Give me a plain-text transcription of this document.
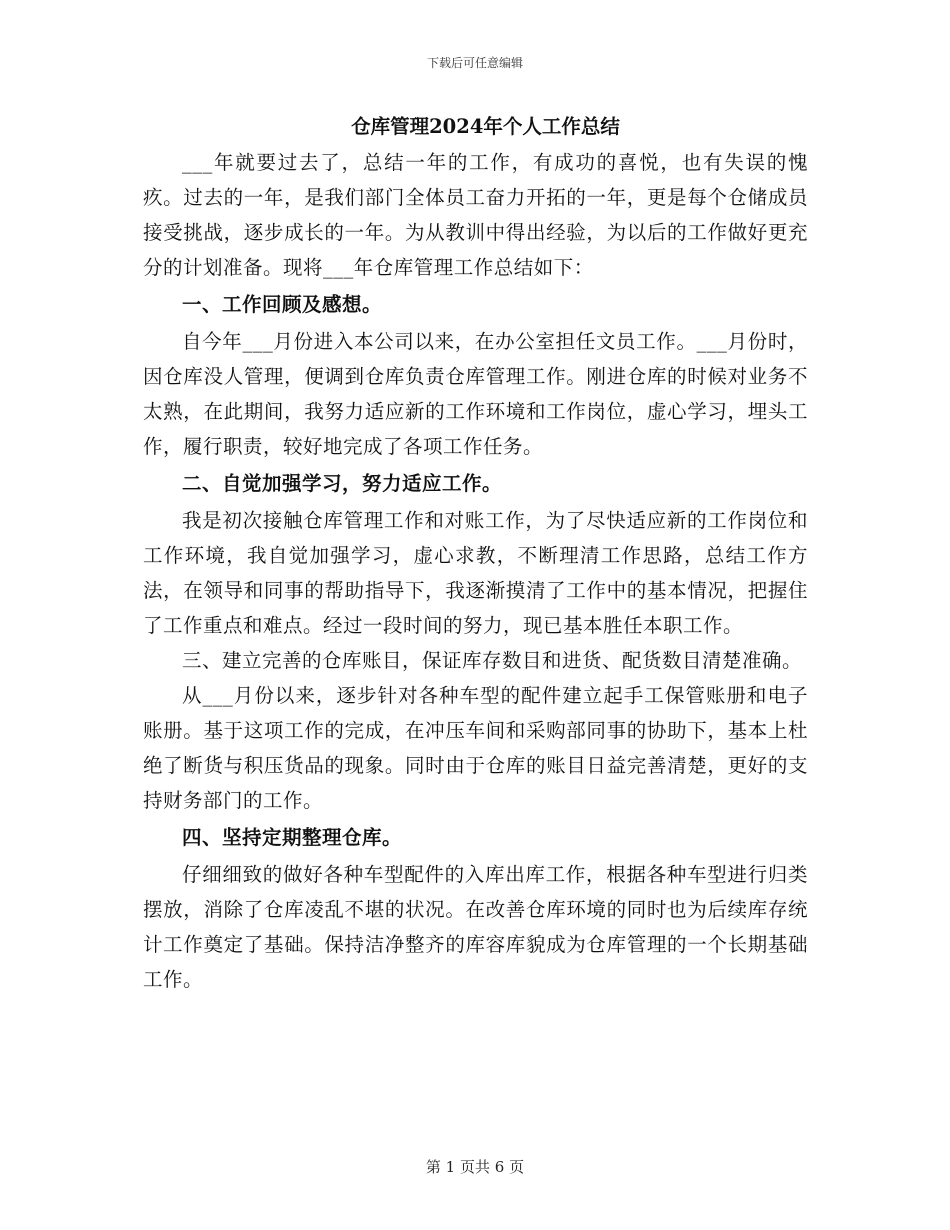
下载后可任意编辑
仓库管理2024年个人工作总结

___年就要过去了，总结一年的工作，有成功的喜悦，也有失误的愧疚。过去的一年，是我们部门全体员工奋力开拓的一年，更是每个仓储成员接受挑战，逐步成长的一年。为从教训中得出经验，为以后的工作做好更充分的计划准备。现将___年仓库管理工作总结如下：

一、工作回顾及感想。

自今年___月份进入本公司以来，在办公室担任文员工作。___月份时，因仓库没人管理，便调到仓库负责仓库管理工作。刚进仓库的时候对业务不太熟，在此期间，我努力适应新的工作环境和工作岗位，虚心学习，埋头工作，履行职责，较好地完成了各项工作任务。

二、自觉加强学习，努力适应工作。

我是初次接触仓库管理工作和对账工作，为了尽快适应新的工作岗位和工作环境，我自觉加强学习，虚心求教，不断理清工作思路，总结工作方法，在领导和同事的帮助指导下，我逐渐摸清了工作中的基本情况，把握住了工作重点和难点。经过一段时间的努力，现已基本胜任本职工作。

三、建立完善的仓库账目，保证库存数目和进货、配货数目清楚准确。

从___月份以来，逐步针对各种车型的配件建立起手工保管账册和电子账册。基于这项工作的完成，在冲压车间和采购部同事的协助下，基本上杜绝了断货与积压货品的现象。同时由于仓库的账目日益完善清楚，更好的支持财务部门的工作。

四、坚持定期整理仓库。

仔细细致的做好各种车型配件的入库出库工作，根据各种车型进行归类摆放，消除了仓库凌乱不堪的状况。在改善仓库环境的同时也为后续库存统计工作奠定了基础。保持洁净整齐的库容库貌成为仓库管理的一个长期基础工作。

第 1 页共 6 页
